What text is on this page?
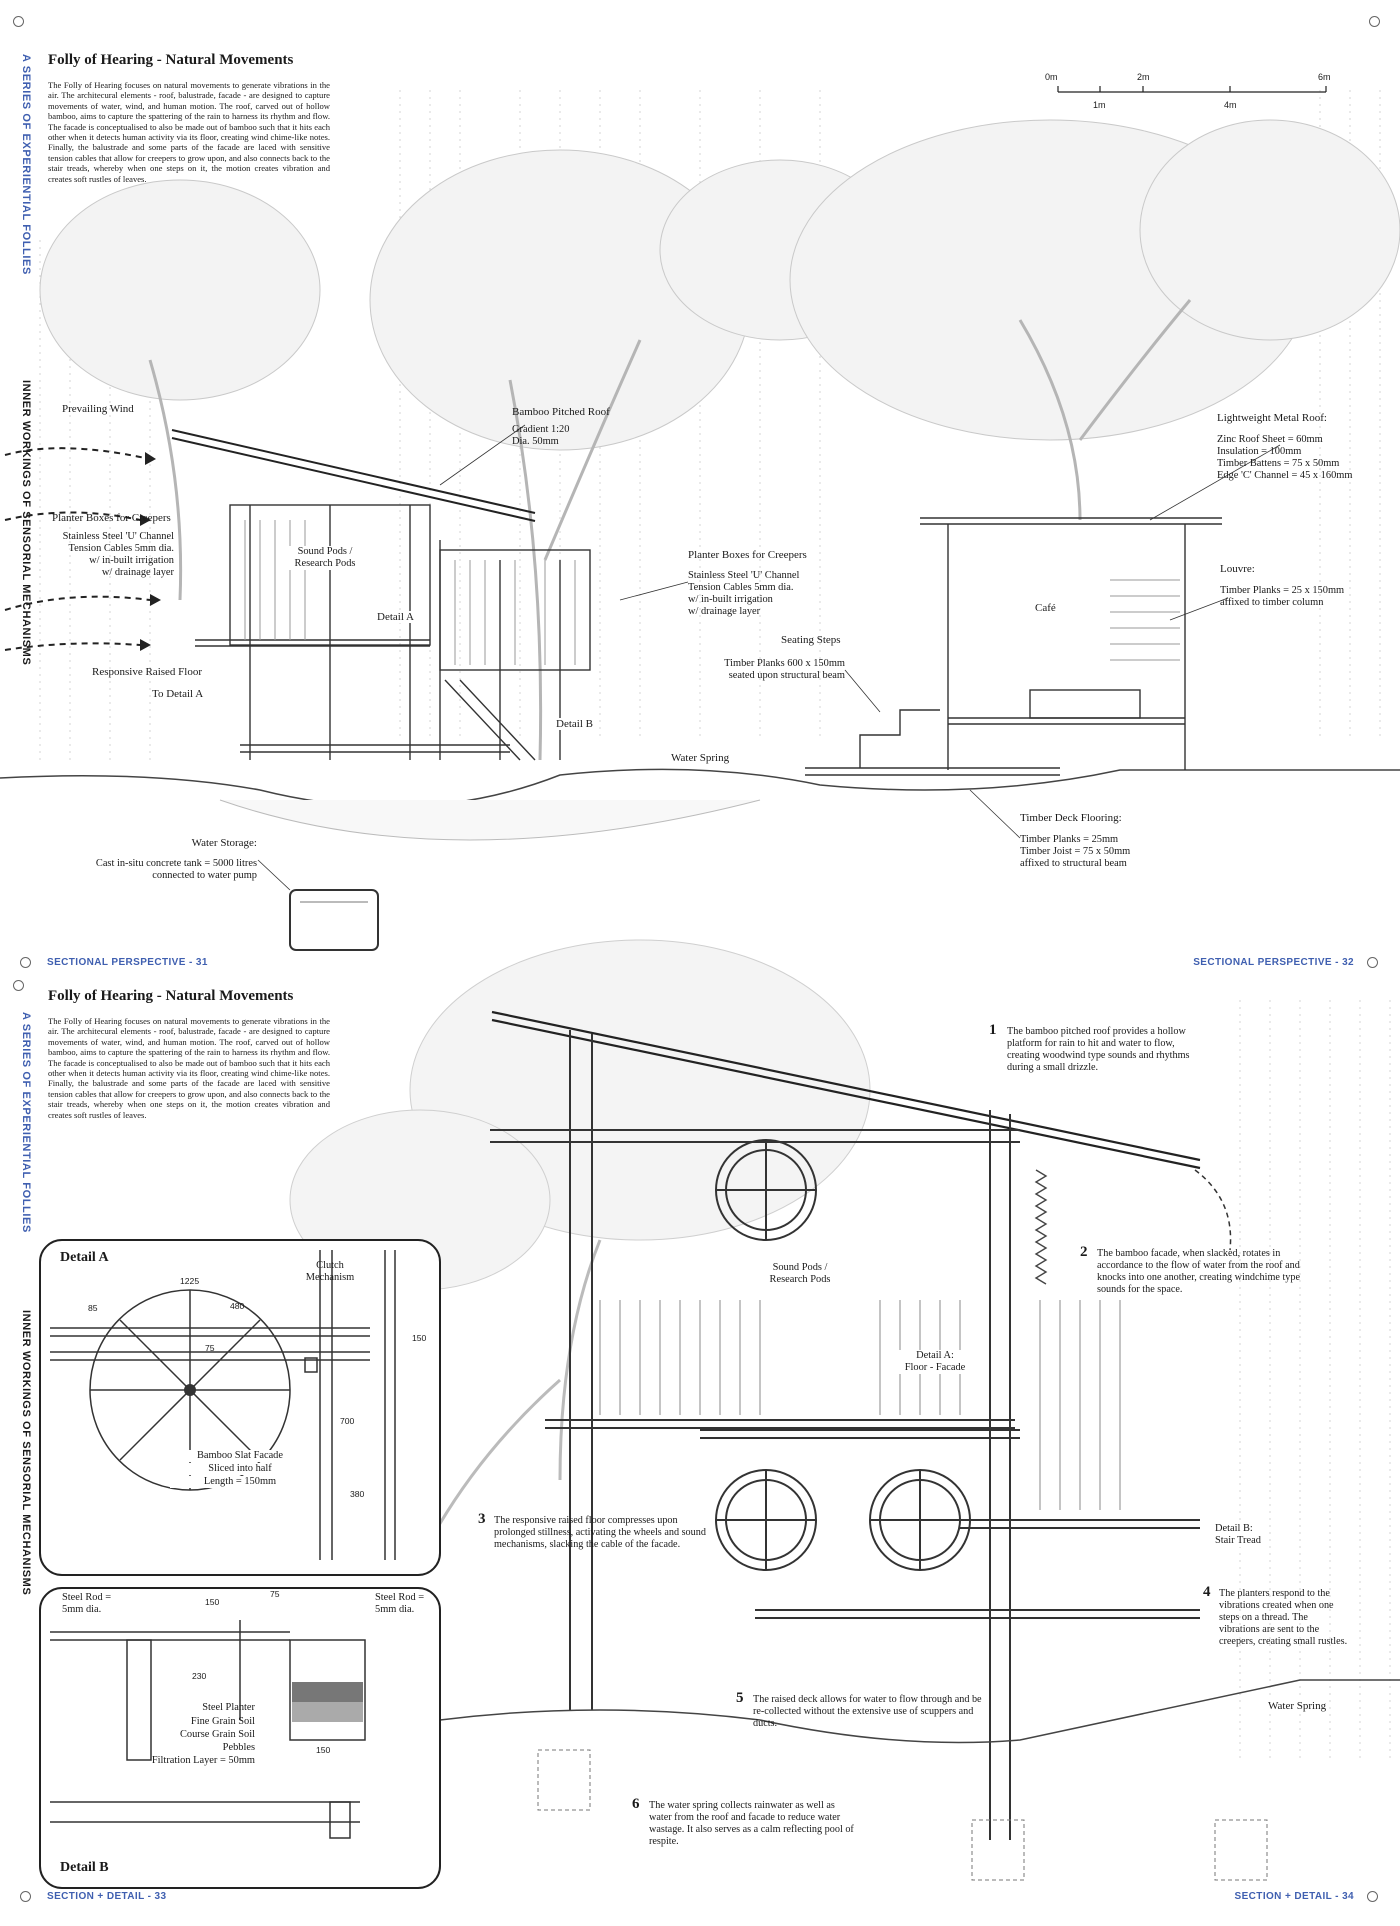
A SERIES OF EXPERIENTIAL FOLLIES
INNER WORKINGS OF SENSORIAL MECHANISMS
Folly of Hearing - Natural Movements
The Folly of Hearing focuses on natural movements to generate vibrations in the air. The architecural elements - roof, balustrade, facade - are designed to capture movements of water, wind, and human motion. The roof, carved out of hollow bamboo, aims to capture the spattering of the rain to harness its rhythm and flow. The facade is conceptualised to also be made out of bamboo such that it hits each other when it detects human activity via its floor, creating wind chime-like notes. Finally, the balustrade and some parts of the facade are laced with sensitive tension cables that allow for creepers to grow upon, and also connects back to the stair treads, whereby when one steps on it, the motion creates vibration and creates soft rustles of leaves.
0m	2m	6m
1m	4m
Prevailing Wind	Bamboo Pitched Roof
Gradient 1:20
Dia. 50mm
Planter Boxes for Creepers
Stainless Steel 'U' Channel
Tension Cables 5mm dia.
w/ in-built irrigation
w/ drainage layer
Sound Pods /
Research Pods
Detail A
Responsive Raised Floor
To Detail A
Detail B
Planter Boxes for Creepers
Stainless Steel 'U' Channel
Tension Cables 5mm dia.
w/ in-built irrigation
w/ drainage layer
Seating Steps
Timber Planks 600 x 150mm
seated upon structural beam
Water Spring
Lightweight Metal Roof:
Zinc Roof Sheet = 60mm
Insulation = 100mm
Timber Battens = 75 x 50mm
Edge 'C' Channel = 45 x 160mm
Louvre:
Timber Planks = 25 x 150mm
affixed to timber column
Café
Timber Deck Flooring:
Timber Planks = 25mm
Timber Joist = 75 x 50mm
affixed to structural beam
Water Storage:
Cast in-situ concrete tank = 5000 litres
connected to water pump
SECTIONAL PERSPECTIVE - 31	SECTIONAL PERSPECTIVE - 32
A SERIES OF EXPERIENTIAL FOLLIES
INNER WORKINGS OF SENSORIAL MECHANISMS
Folly of Hearing - Natural Movements
The Folly of Hearing focuses on natural movements to generate vibrations in the air. The architecural elements - roof, balustrade, facade - are designed to capture movements of water, wind, and human motion. The roof, carved out of hollow bamboo, aims to capture the spattering of the rain to harness its rhythm and flow. The facade is conceptualised to also be made out of bamboo such that it hits each other when it detects human activity via its floor, creating wind chime-like notes. Finally, the balustrade and some parts of the facade are laced with sensitive tension cables that allow for creepers to grow upon, and also connects back to the stair treads, whereby when one steps on it, the motion creates vibration and creates soft rustles of leaves.
Detail A
1225
480
85
75
150
700
380
Clutch
Mechanism
Bamboo Slat Facade
Sliced into half
Length = 150mm
Steel Rod =
5mm dia.
Steel Rod =
5mm dia.
150
75
230
150
Steel Planter
Fine Grain Soil
Course Grain Soil
Pebbles
Filtration Layer = 50mm
Detail B
Sound Pods /
Research Pods
Detail A:
Floor - Facade
Detail B:
Stair Tread
Water Spring
1 The bamboo pitched roof provides a hollow platform for rain to hit and water to flow, creating woodwind type sounds and rhythms during a small drizzle.
2 The bamboo facade, when slacked, rotates in accordance to the flow of water from the roof and knocks into one another, creating windchime type sounds for the space.
3 The responsive raised floor compresses upon prolonged stillness, activating the wheels and sound mechanisms, slacking the cable of the facade.
4 The planters respond to the vibrations created when one steps on a thread. The vibrations are sent to the creepers, creating small rustles.
5 The raised deck allows for water to flow through and be re-collected without the extensive use of scuppers and ducts.
6 The water spring collects rainwater as well as water from the roof and facade to reduce water wastage. It also serves as a calm reflecting pool of respite.
SECTION + DETAIL - 33	SECTION + DETAIL - 34
